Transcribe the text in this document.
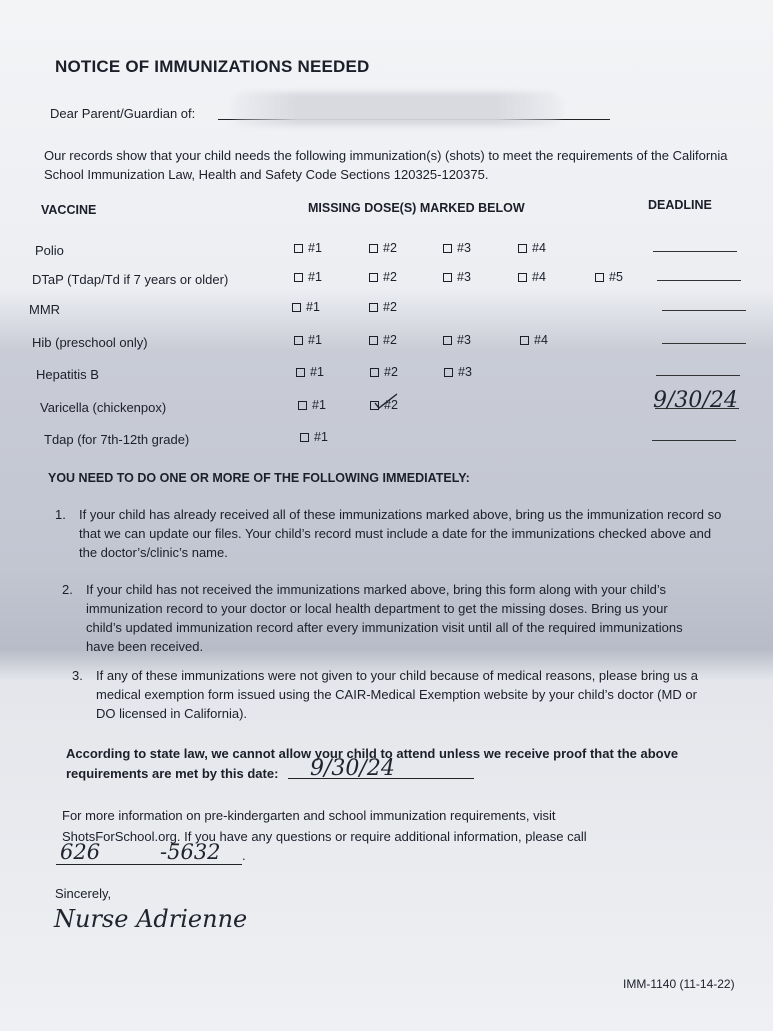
NOTICE OF IMMUNIZATIONS NEEDED
Dear Parent/Guardian of:
Our records show that your child needs the following immunization(s) (shots) to meet the requirements of the California School Immunization Law, Health and Safety Code Sections 120325-120375.
VACCINE	MISSING DOSE(S) MARKED BELOW	DEADLINE
Polio	#1	#2	#3	#4
DTaP (Tdap/Td if 7 years or older)	#1	#2	#3	#4	#5
MMR	#1	#2
Hib (preschool only)	#1	#2	#3	#4
Hepatitis B	#1	#2	#3
Varicella (chickenpox)	#1	#2	9/30/24
Tdap (for 7th-12th grade)	#1
YOU NEED TO DO ONE OR MORE OF THE FOLLOWING IMMEDIATELY:
1. If your child has already received all of these immunizations marked above, bring us the immunization record so that we can update our files. Your child’s record must include a date for the immunizations checked above and the doctor’s/clinic’s name.
2. If your child has not received the immunizations marked above, bring this form along with your child’s immunization record to your doctor or local health department to get the missing doses. Bring us your child’s updated immunization record after every immunization visit until all of the required immunizations have been received.
3. If any of these immunizations were not given to your child because of medical reasons, please bring us a medical exemption form issued using the CAIR-Medical Exemption website by your child’s doctor (MD or DO licensed in California).
According to state law, we cannot allow your child to attend unless we receive proof that the above
requirements are met by this date:	9/30/24
For more information on pre-kindergarten and school immunization requirements, visit
ShotsForSchool.org. If you have any questions or require additional information, please call
626	-5632 .
Sincerely,
Nurse Adrienne
IMM-1140 (11-14-22)
